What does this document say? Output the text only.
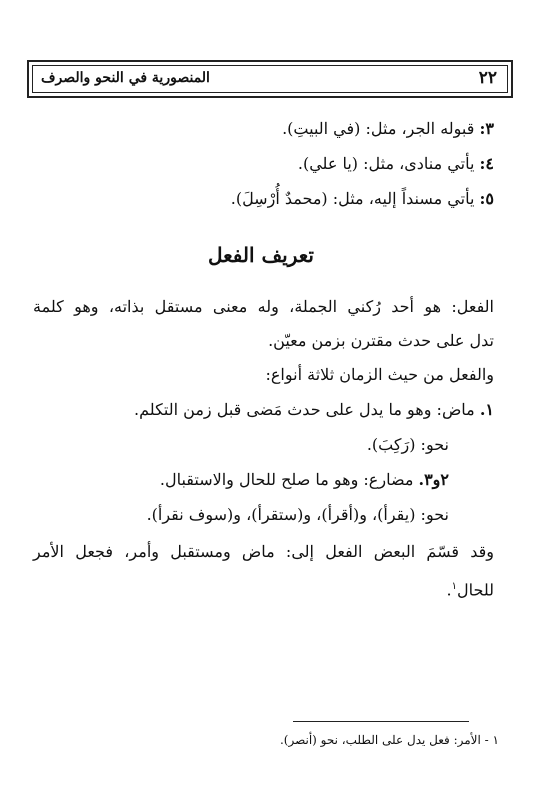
المنصورية في النحو والصرف	٢٢
٣: قبوله الجر، مثل: (في البيتِ).
٤: يأتي منادى، مثل: (يا علي).
٥: يأتي مسنداً إليه، مثل: (محمدٌ أُرْسِلَ).
تعريف الفعل
الفعل: هو أحد رُكني الجملة، وله معنى مستقل بذاته، وهو كلمة
تدل على حدث مقترن بزمن معيّن.
والفعل من حيث الزمان ثلاثة أنواع:
١. ماض: وهو ما يدل على حدث مَضى قبل زمن التكلم.
نحو: (رَكِبَ).
٢و٣. مضارع: وهو ما صلح للحال والاستقبال.
نحو: (يقرأ)، و(أقرأ)، و(ستقرأ)، و(سوف نقرأ).
وقد قسّمَ البعض الفعل إلى: ماض ومستقبل وأمر، فجعل الأمر
للحال$^١$.
١ - الأمر: فعل يدل على الطلب، نحو (أنصر).
